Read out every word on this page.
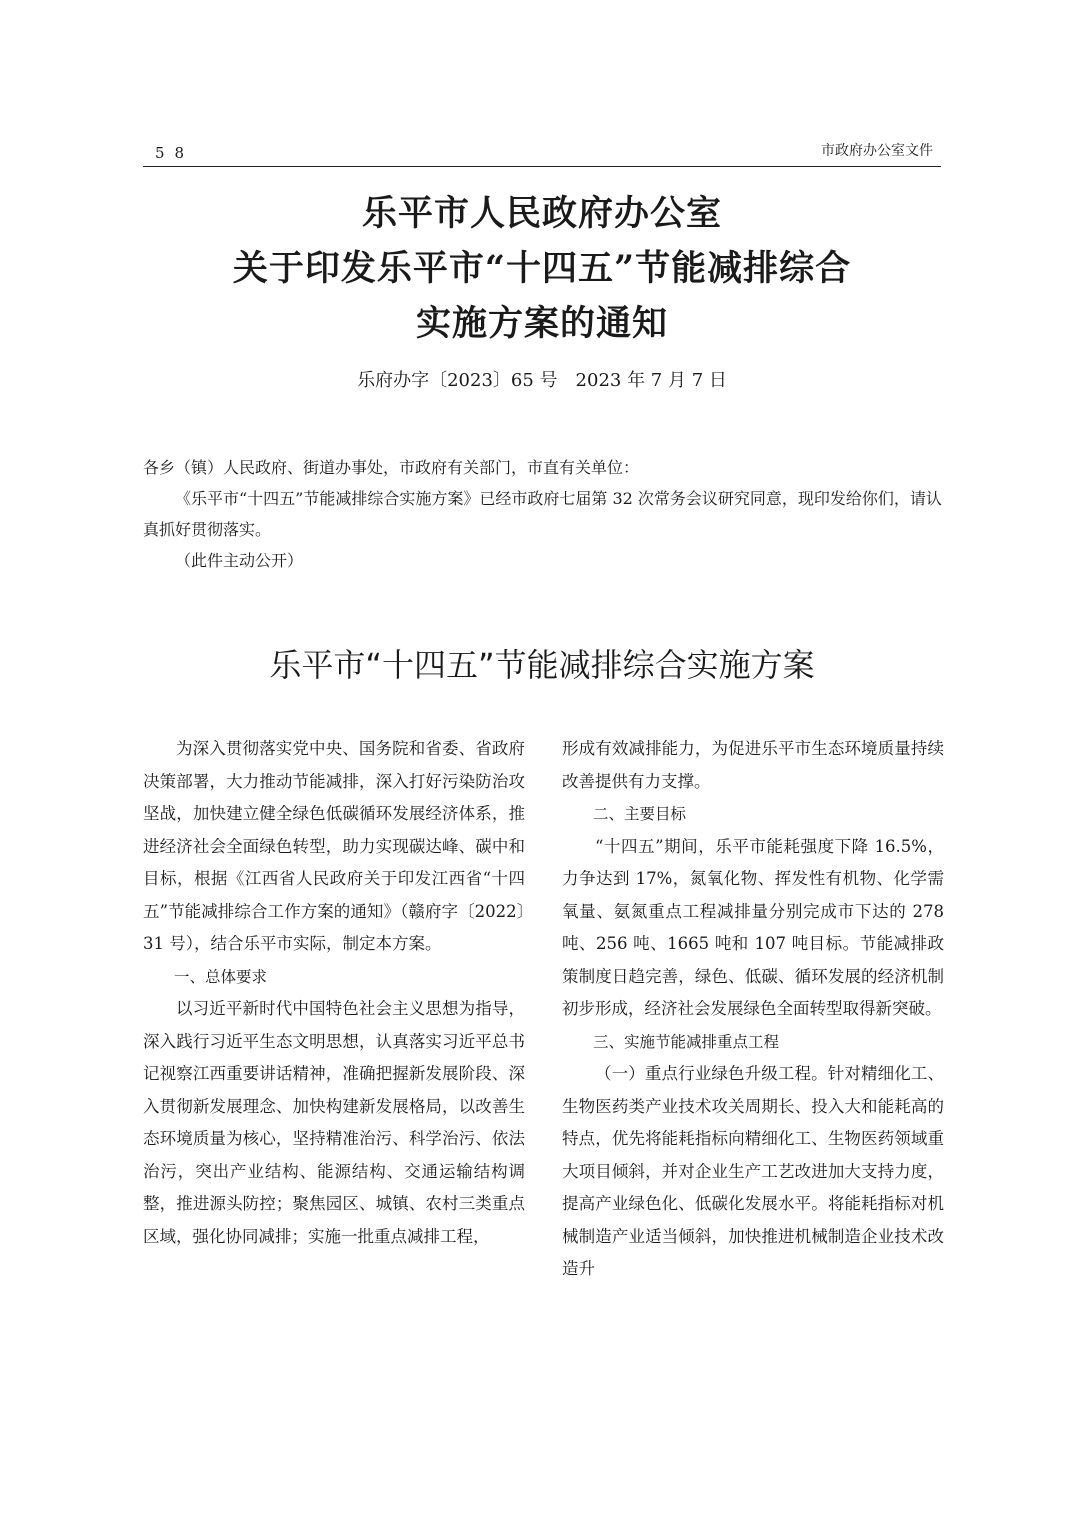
58	市政府办公室文件
乐平市人民政府办公室
关于印发乐平市“十四五”节能减排综合
实施方案的通知
乐府办字〔2023〕65 号　2023 年 7 月 7 日

各乡（镇）人民政府、街道办事处，市政府有关部门，市直有关单位：

《乐平市“十四五”节能减排综合实施方案》已经市政府七届第 32 次常务会议研究同意，现印发给你们，请认真抓好贯彻落实。

（此件主动公开）

乐平市“十四五”节能减排综合实施方案

为深入贯彻落实党中央、国务院和省委、省政府决策部署，大力推动节能减排，深入打好污染防治攻坚战，加快建立健全绿色低碳循环发展经济体系，推进经济社会全面绿色转型，助力实现碳达峰、碳中和目标，根据《江西省人民政府关于印发江西省“十四五”节能减排综合工作方案的通知》（赣府字〔2022〕31 号），结合乐平市实际，制定本方案。

一、总体要求

以习近平新时代中国特色社会主义思想为指导，深入践行习近平生态文明思想，认真落实习近平总书记视察江西重要讲话精神，准确把握新发展阶段、深入贯彻新发展理念、加快构建新发展格局，以改善生态环境质量为核心，坚持精准治污、科学治污、依法治污，突出产业结构、能源结构、交通运输结构调整，推进源头防控；聚焦园区、城镇、农村三类重点区域，强化协同减排；实施一批重点减排工程，

形成有效减排能力，为促进乐平市生态环境质量持续改善提供有力支撑。

二、主要目标

“十四五”期间，乐平市能耗强度下降 16.5%，力争达到 17%，氮氧化物、挥发性有机物、化学需氧量、氨氮重点工程减排量分别完成市下达的 278 吨、256 吨、1665 吨和 107 吨目标。节能减排政策制度日趋完善，绿色、低碳、循环发展的经济机制初步形成，经济社会发展绿色全面转型取得新突破。

三、实施节能减排重点工程

（一）重点行业绿色升级工程。针对精细化工、生物医药类产业技术攻关周期长、投入大和能耗高的特点，优先将能耗指标向精细化工、生物医药领域重大项目倾斜，并对企业生产工艺改进加大支持力度，提高产业绿色化、低碳化发展水平。将能耗指标对机械制造产业适当倾斜，加快推进机械制造企业技术改造升
